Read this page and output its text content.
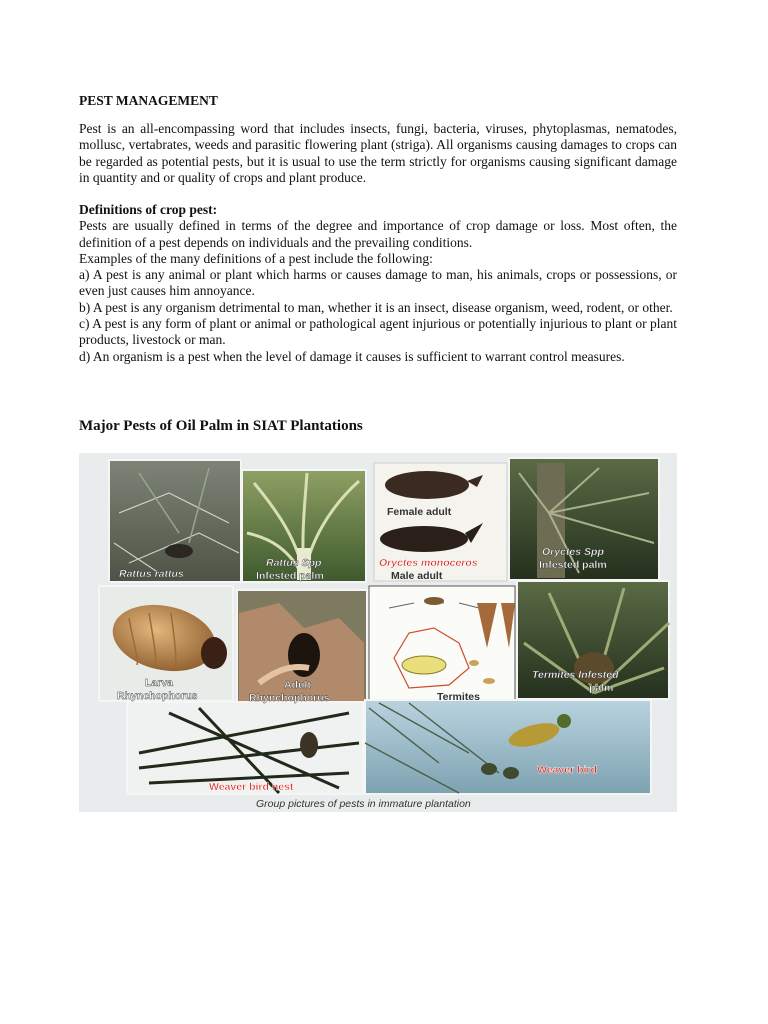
PEST MANAGEMENT

Pest is an all-encompassing word that includes insects, fungi, bacteria, viruses, phytoplasmas, nematodes, mollusc, vertabrates, weeds and parasitic flowering plant (striga). All organisms causing damages to crops can be regarded as potential pests, but it is usual to use the term strictly for organisms causing significant damage in quantity and or quality of crops and plant produce.

Definitions of crop pest:
Pests are usually defined in terms of the degree and importance of crop damage or loss. Most often, the definition of a pest depends on individuals and the prevailing conditions.
Examples of the many definitions of a pest include the following:
a) A pest is any animal or plant which harms or causes damage to man, his animals, crops or possessions, or even just causes him annoyance.
b) A pest is any organism detrimental to man, whether it is an insect, disease organism, weed, rodent, or other.
c) A pest is any form of plant or animal or pathological agent injurious or potentially injurious to plant or plant products, livestock or man.
d) An organism is a pest when the level of damage it causes is sufficient to warrant control measures.
Major Pests of Oil Palm in SIAT Plantations
Rattus rattus
Rattus Spp
Infested palm
Female adult
Oryctes monoceros
Male adult
Oryctes Spp
Infested palm
Larva
Rhynchophorus
Adult
Rhynchophorus	Termites
Termites Infested
palm
Weaver bird nest
Weaver bird
Group pictures of pests in immature plantation
